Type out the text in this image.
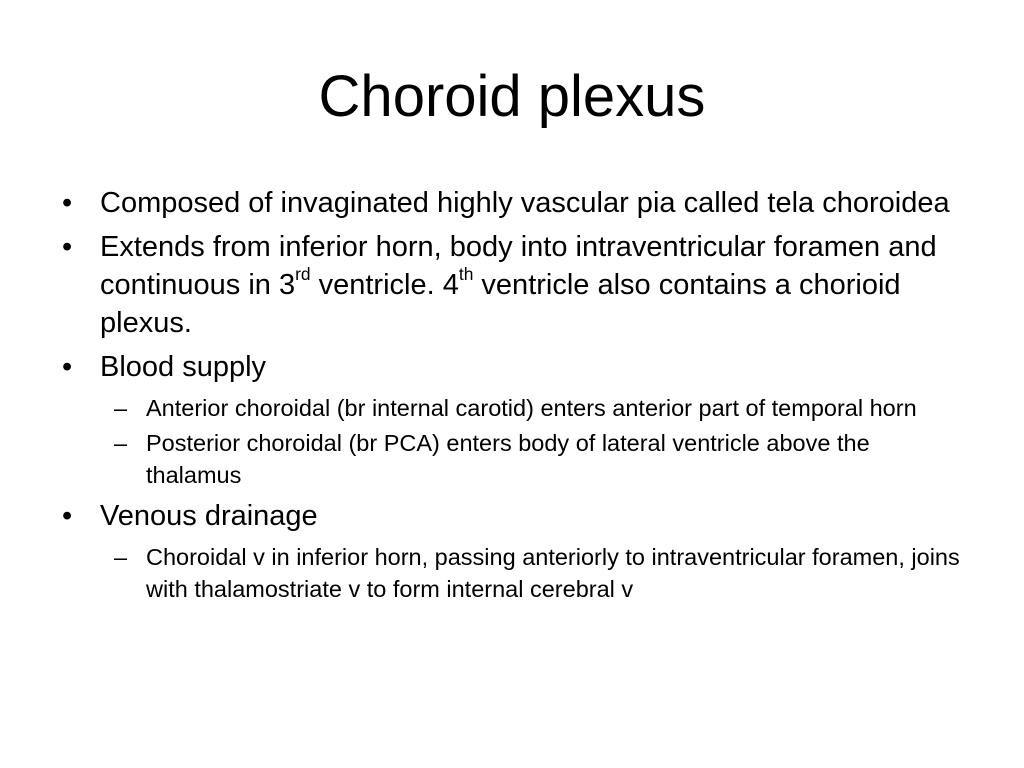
Choroid plexus
• Composed of invaginated highly vascular pia called tela choroidea
• Extends from inferior horn, body into intraventricular foramen and continuous in 3rd ventricle. 4th ventricle also contains a chorioid plexus.
• Blood supply
– Anterior choroidal (br internal carotid) enters anterior part of temporal horn
– Posterior choroidal (br PCA) enters body of lateral ventricle above the thalamus
• Venous drainage
– Choroidal v in inferior horn, passing anteriorly to intraventricular foramen, joins with thalamostriate v to form internal cerebral v
